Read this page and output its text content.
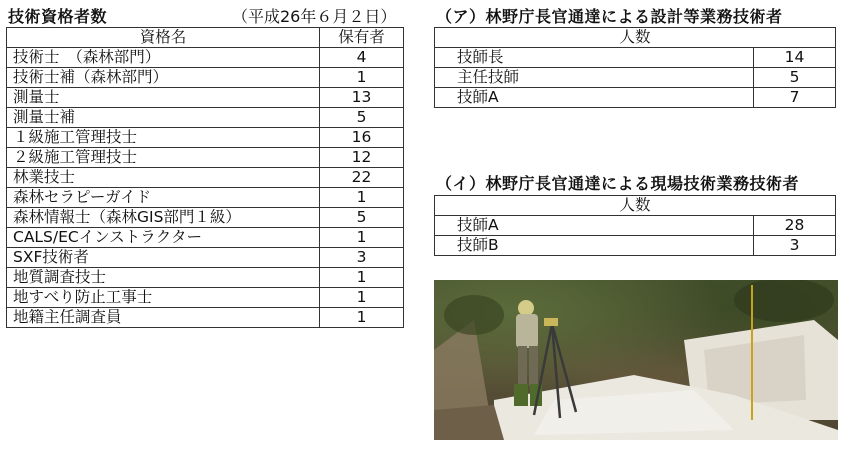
技術資格者数	（平成26年６月２日）
資格名	保有者
技術士　（森林部門）	4
技術士補（森林部門）	1
測量士	13
測量士補	5
１級施工管理技士	16
２級施工管理技士	12
林業技士	22
森林セラピーガイド	1
森林情報士（森林GIS部門１級）	5
CALS/ECインストラクター	1
SXF技術者	3
地質調査技士	1
地すべり防止工事士	1
地籍主任調査員	1
（ア）林野庁長官通達による設計等業務技術者
人数	
技師長	14
主任技師	5
技師A	7
（イ）林野庁長官通達による現場技術業務技術者
人数	
技師A	28
技師B	3
